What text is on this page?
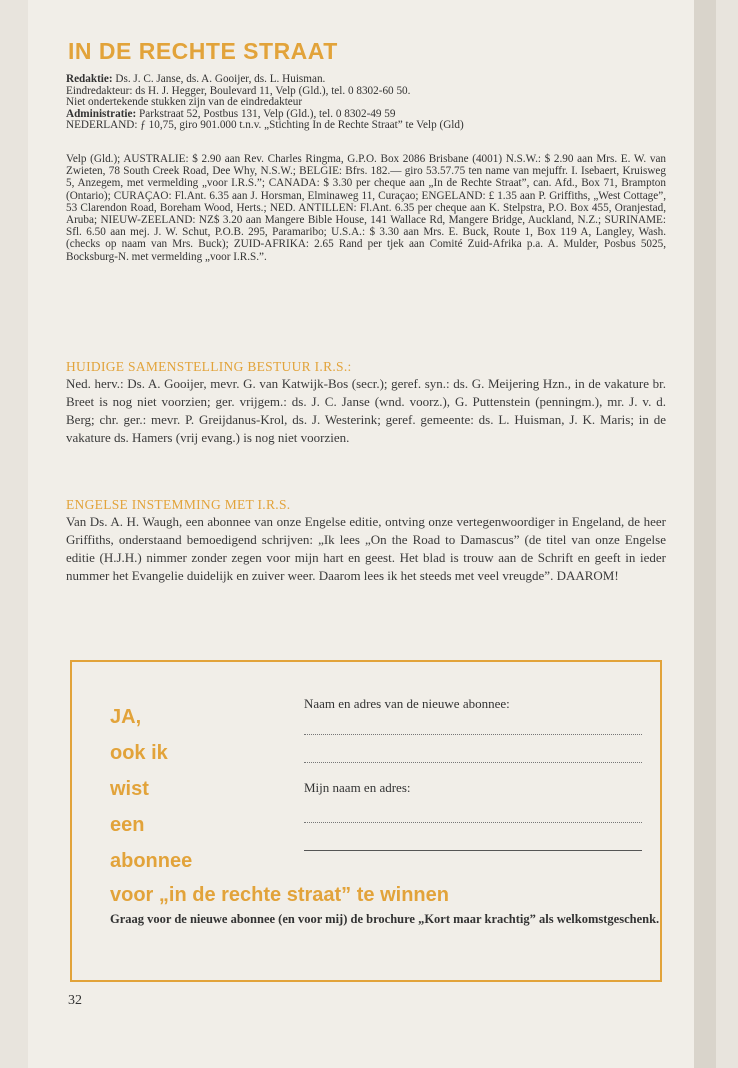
IN DE RECHTE STRAAT

Redaktie: Ds. J. C. Janse, ds. A. Gooijer, ds. L. Huisman.

Eindredakteur: ds H. J. Hegger, Boulevard 11, Velp (Gld.), tel. 0 8302-60 50.

Niet ondertekende stukken zijn van de eindredakteur

Administratie: Parkstraat 52, Postbus 131, Velp (Gld.), tel. 0 8302-49 59

NEDERLAND: ƒ 10,75, giro 901.000 t.n.v. „Stichting In de Rechte Straat” te Velp (Gld)

Velp (Gld.); AUSTRALIE: $ 2.90 aan Rev. Charles Ringma, G.P.O. Box 2086 Brisbane (4001) N.S.W.: $ 2.90 aan Mrs. E. W. van Zwieten, 78 South Creek Road, Dee Why, N.S.W.; BELGIE: Bfrs. 182.— giro 53.57.75 ten name van mejuffr. I. Isebaert, Kruisweg 5, Anzegem, met vermelding „voor I.R.S.”; CANADA: $ 3.30 per cheque aan „In de Rechte Straat”, can. Afd., Box 71, Brampton (Ontario); CURAÇAO: Fl.Ant. 6.35 aan J. Horsman, Elminaweg 11, Curaçao; ENGELAND: £ 1.35 aan P. Griffiths, „West Cottage”, 53 Clarendon Road, Boreham Wood, Herts.; NED. ANTILLEN: Fl.Ant. 6.35 per cheque aan K. Stelpstra, P.O. Box 455, Oranjestad, Aruba; NIEUW-ZEELAND: NZ$ 3.20 aan Mangere Bible House, 141 Wallace Rd, Mangere Bridge, Auckland, N.Z.; SURINAME: Sfl. 6.50 aan mej. J. W. Schut, P.O.B. 295, Paramaribo; U.S.A.: $ 3.30 aan Mrs. E. Buck, Route 1, Box 119 A, Langley, Wash. (checks op naam van Mrs. Buck); ZUID-AFRIKA: 2.65 Rand per tjek aan Comité Zuid-Afrika p.a. A. Mulder, Posbus 5025, Bocksburg-N. met vermelding „voor I.R.S.”.

HUIDIGE SAMENSTELLING BESTUUR I.R.S.:

Ned. herv.: Ds. A. Gooijer, mevr. G. van Katwijk-Bos (secr.); geref. syn.: ds. G. Meijering Hzn., in de vakature br. Breet is nog niet voorzien; ger. vrijgem.: ds. J. C. Janse (wnd. voorz.), G. Puttenstein (penningm.), mr. J. v. d. Berg; chr. ger.: mevr. P. Greijdanus-Krol, ds. J. Westerink; geref. gemeente: ds. L. Huisman, J. K. Maris; in de vakature ds. Hamers (vrij evang.) is nog niet voorzien.

ENGELSE INSTEMMING MET I.R.S.

Van Ds. A. H. Waugh, een abonnee van onze Engelse editie, ontving onze vertegenwoordiger in Engeland, de heer Griffiths, onderstaand bemoedigend schrijven: „Ik lees „On the Road to Damascus” (de titel van onze Engelse editie (H.J.H.) nimmer zonder zegen voor mijn hart en geest. Het blad is trouw aan de Schrift en geeft in ieder nummer het Evangelie duidelijk en zuiver weer. Daarom lees ik het steeds met veel vreugde”. DAAROM!

JA,
ook ik
wist
een
abonnee
voor „in de rechte straat” te winnen
Naam en adres van de nieuwe abonnee:
Mijn naam en adres:
Graag voor de nieuwe abonnee (en voor mij) de brochure „Kort maar krachtig” als welkomstgeschenk.
32
